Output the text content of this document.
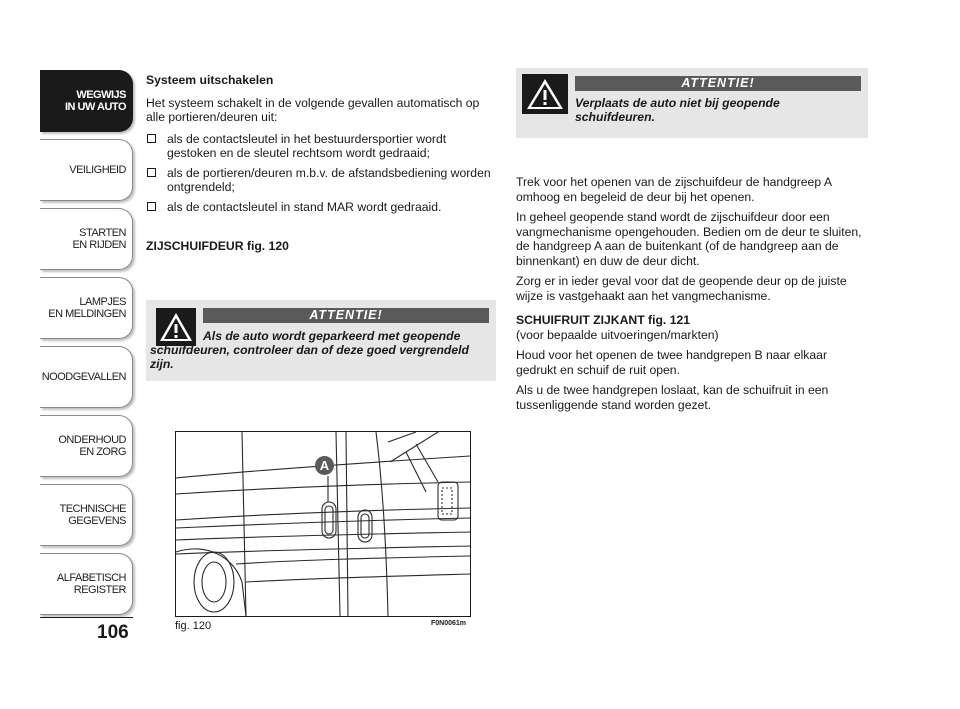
WEGWIJS
IN UW AUTO
VEILIGHEID
STARTEN
EN RIJDEN
LAMPJES
EN MELDINGEN
NOODGEVALLEN
ONDERHOUD
EN ZORG
TECHNISCHE
GEGEVENS
ALFABETISCH
REGISTER
106

Systeem uitschakelen

Het systeem schakelt in de volgende gevallen automatisch op alle portieren/deuren uit:

als de contactsleutel in het bestuurdersportier wordt gestoken en de sleutel rechtsom wordt gedraaid;
als de portieren/deuren m.b.v. de afstandsbediening worden ontgrendeld;
als de contactsleutel in stand MAR wordt gedraaid.

ZIJSCHUIFDEUR fig. 120

ATTENTIE!
Als de auto wordt geparkeerd met geopende schuifdeuren, controleer dan of deze goed vergrendeld zijn.
A
fig. 120	F0N0061m
ATTENTIE!
Verplaats de auto niet bij geopende schuifdeuren.

Trek voor het openen van de zijschuifdeur de handgreep A omhoog en begeleid de deur bij het openen.

In geheel geopende stand wordt de zijschuifdeur door een vangmechanisme opengehouden. Bedien om de deur te sluiten, de handgreep A aan de buitenkant (of de handgreep aan de binnenkant) en duw de deur dicht.

Zorg er in ieder geval voor dat de geopende deur op de juiste wijze is vastgehaakt aan het vangmechanisme.

SCHUIFRUIT ZIJKANT fig. 121

(voor bepaalde uitvoeringen/markten)

Houd voor het openen de twee handgrepen B naar elkaar gedrukt en schuif de ruit open.

Als u de twee handgrepen loslaat, kan de schuifruit in een tussenliggende stand worden gezet.
